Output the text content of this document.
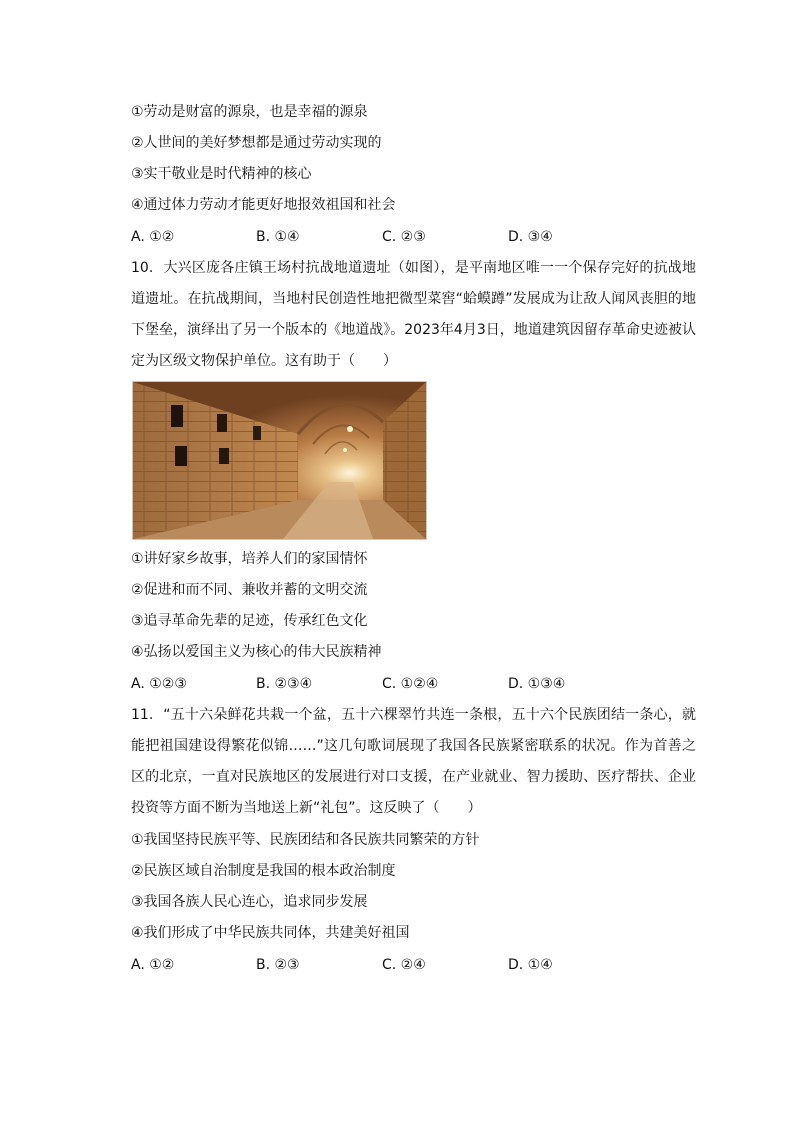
①劳动是财富的源泉，也是幸福的源泉
②人世间的美好梦想都是通过劳动实现的
③实干敬业是时代精神的核心
④通过体力劳动才能更好地报效祖国和社会
A. ①②	B. ①④	C. ②③	D. ③④
10. 大兴区庞各庄镇王场村抗战地道遗址（如图），是平南地区唯一一个保存完好的抗战地道遗址。在抗战期间，当地村民创造性地把微型菜窖“蛤蟆蹲”发展成为让敌人闻风丧胆的地下堡垒，演绎出了另一个版本的《地道战》。2023年4月3日，地道建筑因留存革命史迹被认定为区级文物保护单位。这有助于（　　）
①讲好家乡故事，培养人们的家国情怀
②促进和而不同、兼收并蓄的文明交流
③追寻革命先辈的足迹，传承红色文化
④弘扬以爱国主义为核心的伟大民族精神
A. ①②③	B. ②③④	C. ①②④	D. ①③④
11. “五十六朵鲜花共栽一个盆，五十六棵翠竹共连一条根，五十六个民族团结一条心，就能把祖国建设得繁花似锦……”这几句歌词展现了我国各民族紧密联系的状况。作为首善之区的北京，一直对民族地区的发展进行对口支援，在产业就业、智力援助、医疗帮扶、企业投资等方面不断为当地送上新“礼包”。这反映了（　　）
①我国坚持民族平等、民族团结和各民族共同繁荣的方针
②民族区域自治制度是我国的根本政治制度
③我国各族人民心连心，追求同步发展
④我们形成了中华民族共同体，共建美好祖国
A. ①②	B. ②③	C. ②④	D. ①④
